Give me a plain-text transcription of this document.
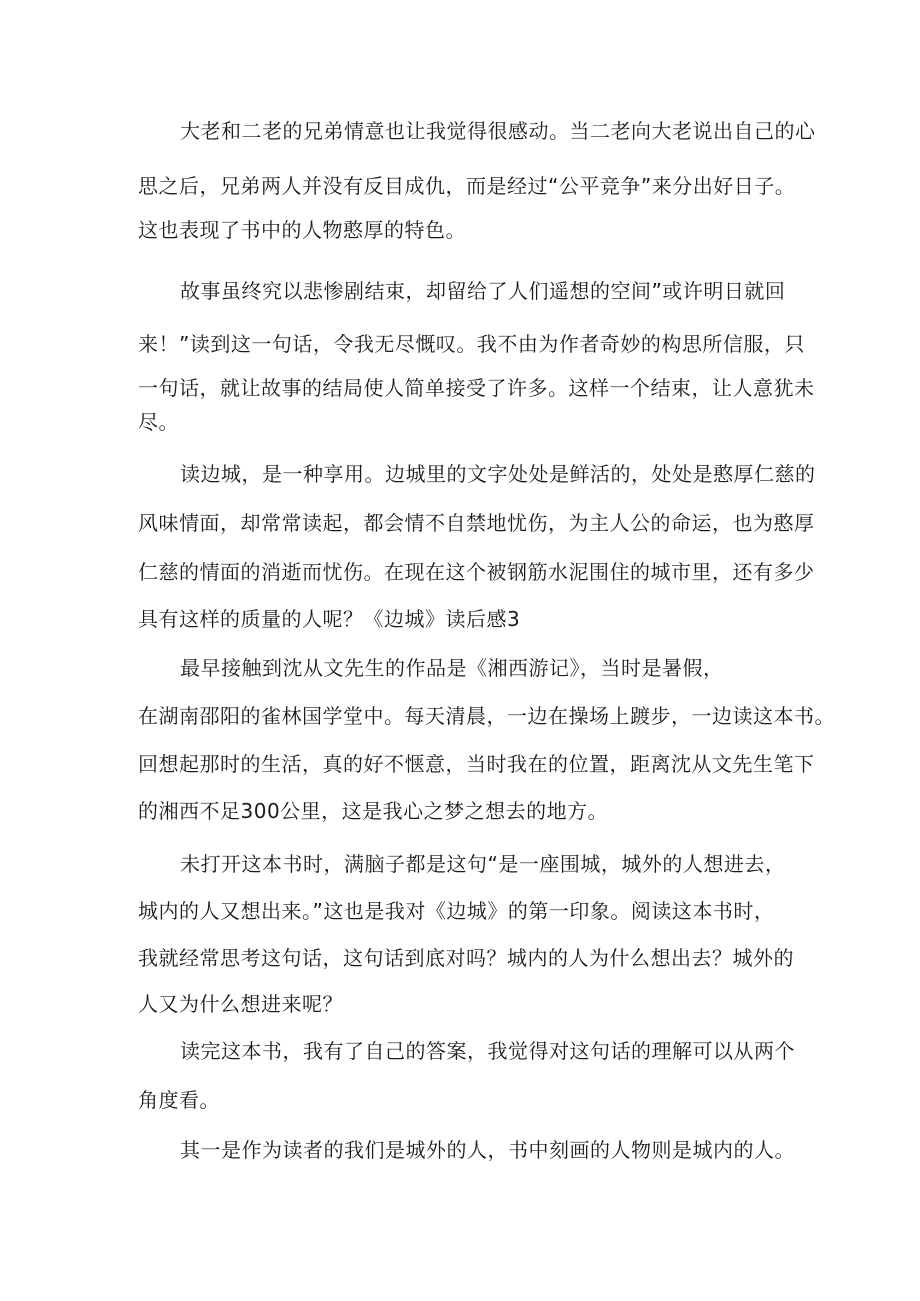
大老和二老的兄弟情意也让我觉得很感动。当二老向大老说出自己的心

思之后，兄弟两人并没有反目成仇，而是经过“公平竞争”来分出好日子。

这也表现了书中的人物憨厚的特色。

故事虽终究以悲惨剧结束，却留给了人们遥想的空间”或许明日就回

来！”读到这一句话，令我无尽慨叹。我不由为作者奇妙的构思所信服，只

一句话，就让故事的结局使人简单接受了许多。这样一个结束，让人意犹未

尽。

读边城，是一种享用。边城里的文字处处是鲜活的，处处是憨厚仁慈的

风味情面，却常常读起，都会情不自禁地忧伤，为主人公的命运，也为憨厚

仁慈的情面的消逝而忧伤。在现在这个被钢筋水泥围住的城市里，还有多少

具有这样的质量的人呢？《边城》读后感3

最早接触到沈从文先生的作品是《湘西游记》，当时是暑假，

在湖南邵阳的雀林国学堂中。每天清晨，一边在操场上踱步，一边读这本书。

回想起那时的生活，真的好不惬意，当时我在的位置，距离沈从文先生笔下

的湘西不足300公里，这是我心之梦之想去的地方。

未打开这本书时，满脑子都是这句“是一座围城，城外的人想进去，

城内的人又想出来。”这也是我对《边城》的第一印象。阅读这本书时，

我就经常思考这句话，这句话到底对吗？城内的人为什么想出去？城外的

人又为什么想进来呢？

读完这本书，我有了自己的答案，我觉得对这句话的理解可以从两个

角度看。

其一是作为读者的我们是城外的人，书中刻画的人物则是城内的人。
